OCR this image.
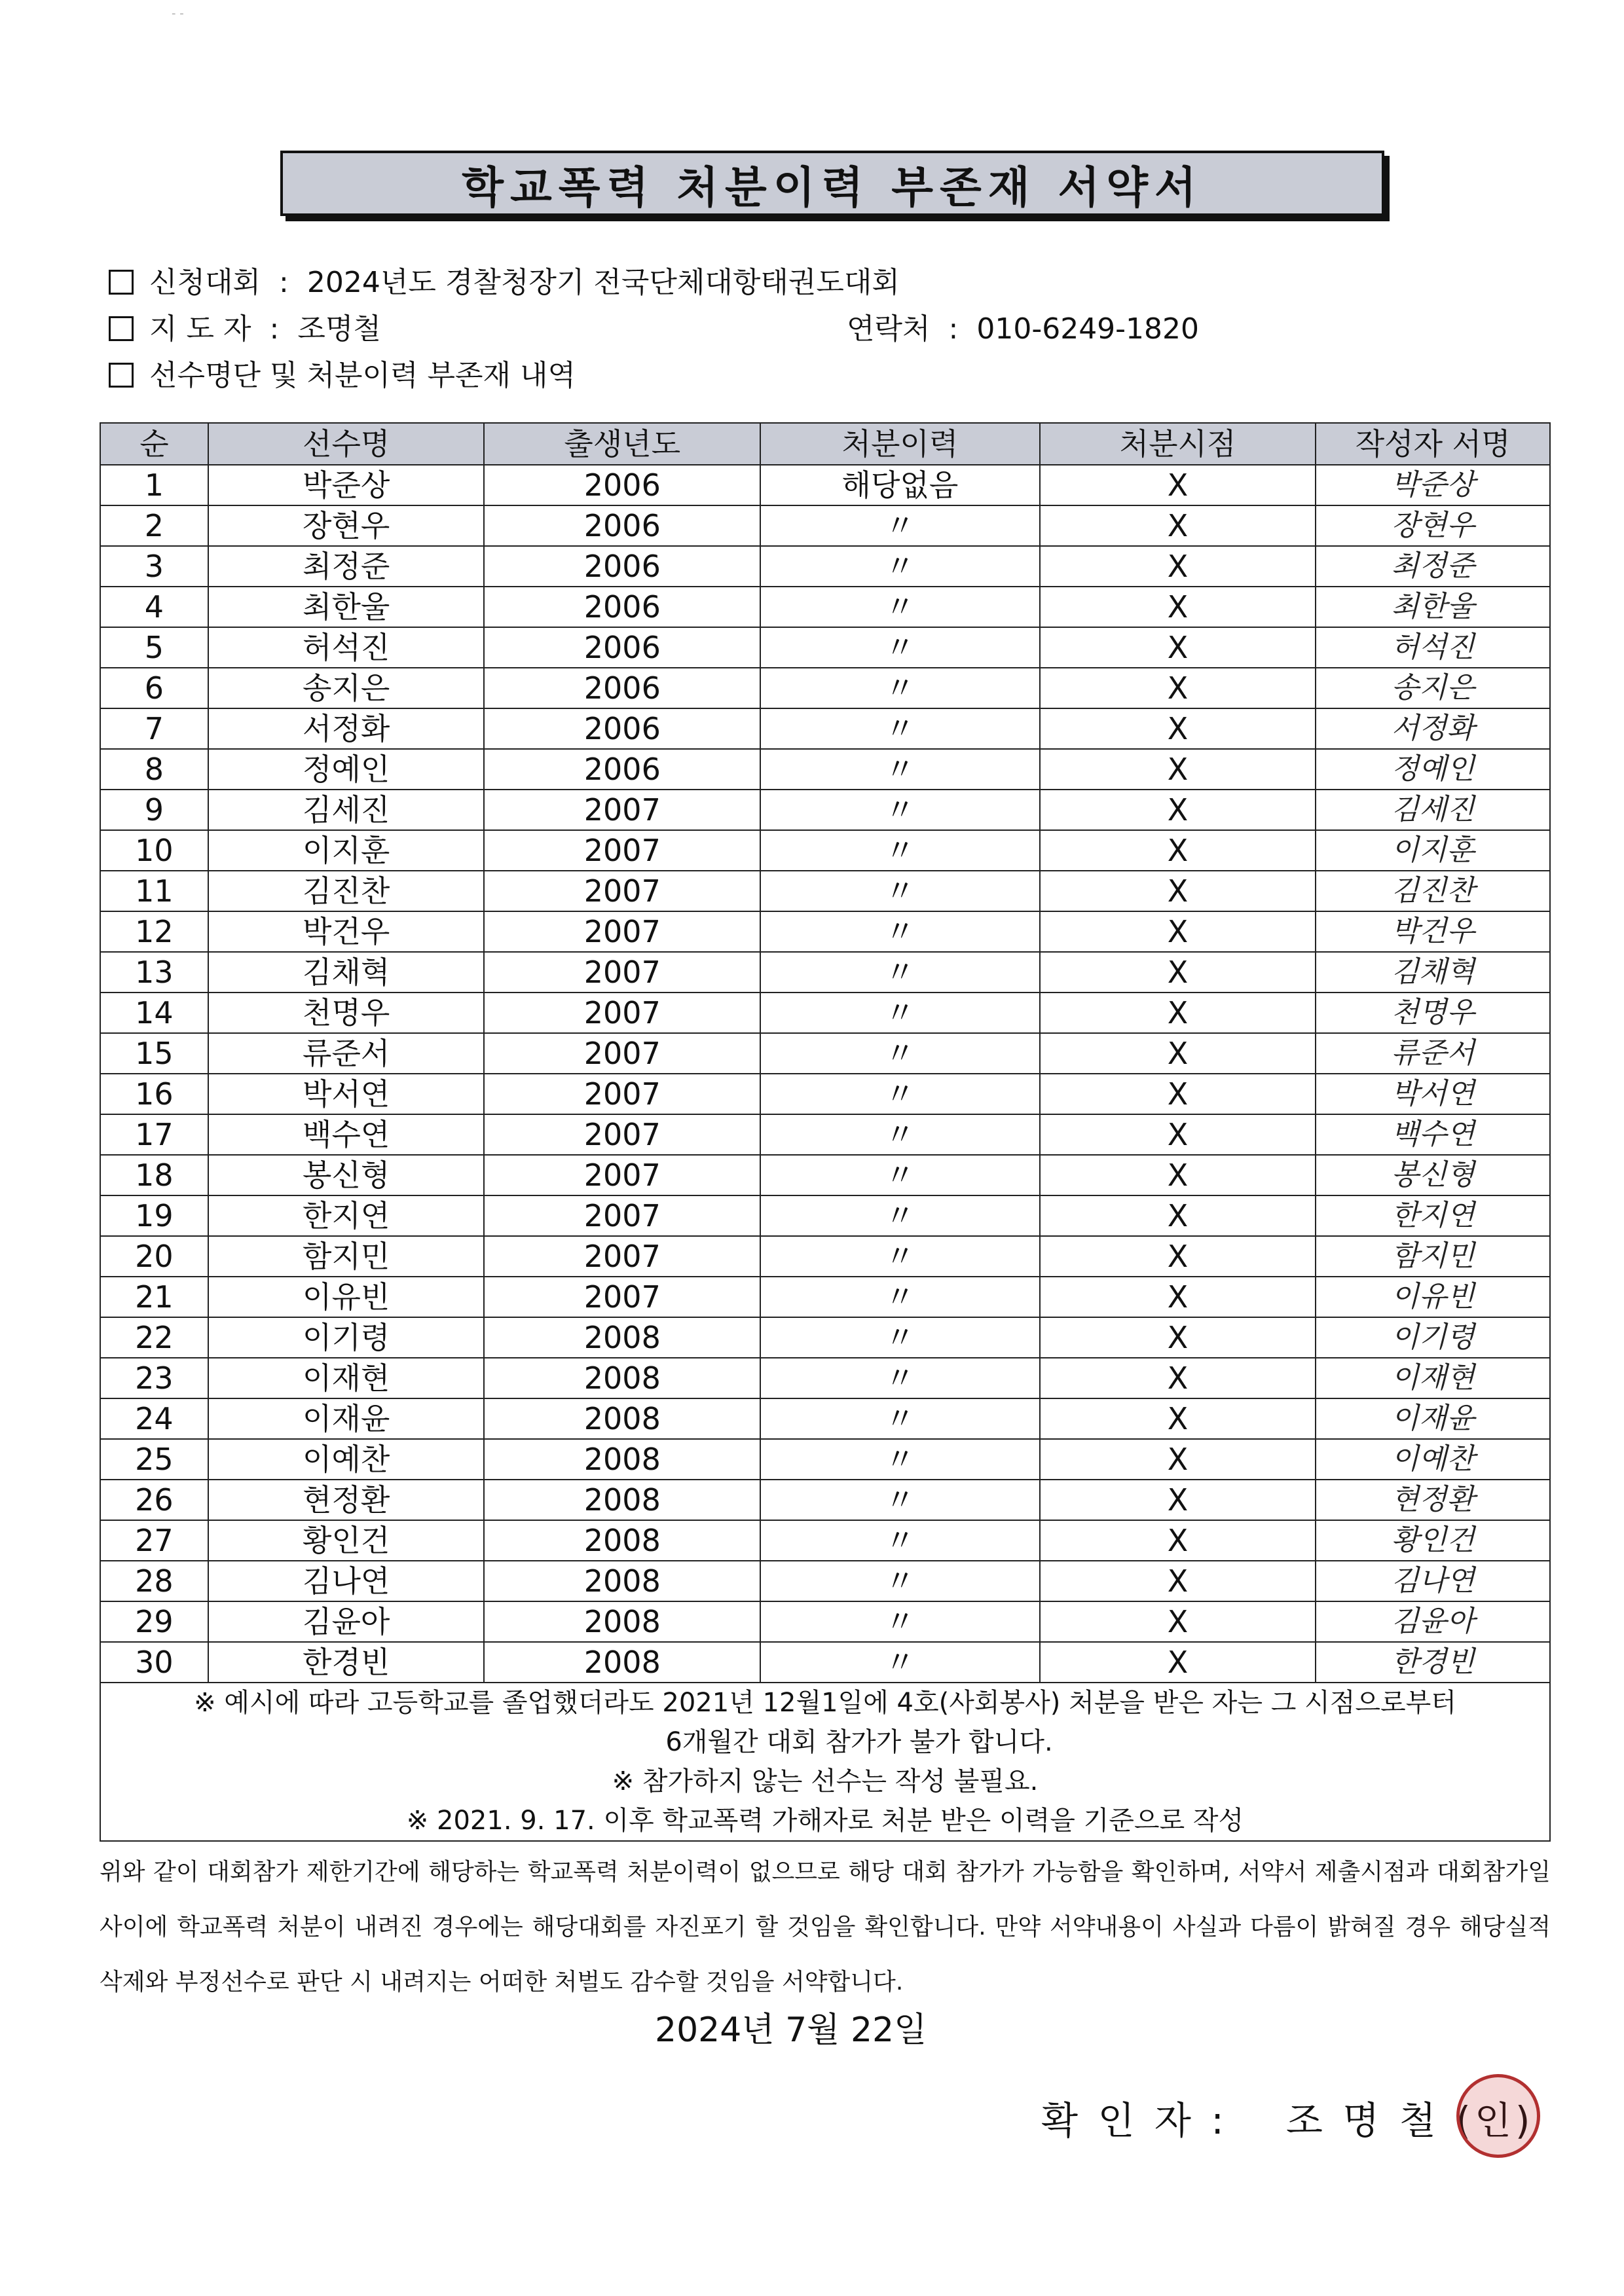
- -
학교폭력 처분이력 부존재 서약서
신청대회 : 2024년도 경찰청장기 전국단체대항태권도대회
지 도 자 : 조명철	연락처 : 010-6249-1820
선수명단 및 처분이력 부존재 내역
순	선수명	출생년도	처분이력	처분시점	작성자 서명
1	박준상	2006	해당없음	X	박준상
2	장현우	2006	〃	X	장현우
3	최정준	2006	〃	X	최정준
4	최한울	2006	〃	X	최한울
5	허석진	2006	〃	X	허석진
6	송지은	2006	〃	X	송지은
7	서정화	2006	〃	X	서정화
8	정예인	2006	〃	X	정예인
9	김세진	2007	〃	X	김세진
10	이지훈	2007	〃	X	이지훈
11	김진찬	2007	〃	X	김진찬
12	박건우	2007	〃	X	박건우
13	김채혁	2007	〃	X	김채혁
14	천명우	2007	〃	X	천명우
15	류준서	2007	〃	X	류준서
16	박서연	2007	〃	X	박서연
17	백수연	2007	〃	X	백수연
18	봉신형	2007	〃	X	봉신형
19	한지연	2007	〃	X	한지연
20	함지민	2007	〃	X	함지민
21	이유빈	2007	〃	X	이유빈
22	이기령	2008	〃	X	이기령
23	이재현	2008	〃	X	이재현
24	이재윤	2008	〃	X	이재윤
25	이예찬	2008	〃	X	이예찬
26	현정환	2008	〃	X	현정환
27	황인건	2008	〃	X	황인건
28	김나연	2008	〃	X	김나연
29	김윤아	2008	〃	X	김윤아
30	한경빈	2008	〃	X	한경빈

※ 예시에 따라 고등학교를 졸업했더라도 2021년 12월1일에 4호(사회봉사) 처분을 받은 자는 그 시점으로부터
6개월간 대회 참가가 불가 합니다.
※ 참가하지 않는 선수는 작성 불필요.
※ 2021. 9. 17. 이후 학교폭력 가해자로 처분 받은 이력을 기준으로 작성					
위와 같이 대회참가 제한기간에 해당하는 학교폭력 처분이력이 없으므로 해당 대회 참가가 가능함을 확인하며, 서약서 제출시점과 대회참가일 사이에 학교폭력 처분이 내려진 경우에는 해당대회를 자진포기 할 것임을 확인합니다. 만약 서약내용이 사실과 다름이 밝혀질 경우 해당실적 삭제와 부정선수로 판단 시 내려지는 어떠한 처벌도 감수할 것임을 서약합니다.
2024년 7월 22일
확 인 자 : 조 명 철 (인)
